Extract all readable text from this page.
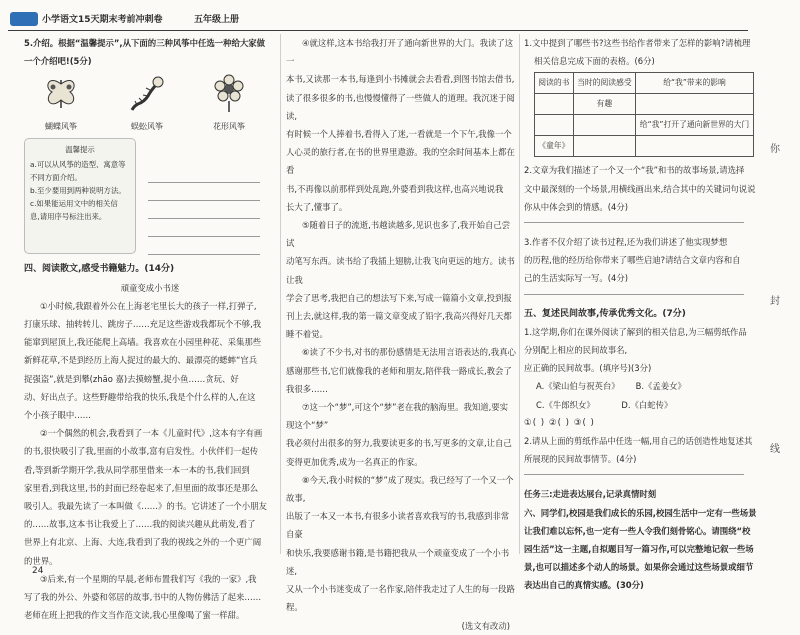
小学语文15天期末考前冲刺卷	五年级上册

5.介绍。根据“温馨提示”,从下面的三种风筝中任选一种给大家做

一个介绍吧!(5分)

蝴蝶风筝	蜈蚣风筝	花形风筝
温馨提示
a.可以从风筝的造型、寓意等
不同方面介绍。
b.至少要用到两种说明方法。
c.如果能运用文中的相关信
息,请用序号标注出来。

四、阅读散文,感受书籍魅力。(14分)

頑童变成小书迷

①小时候,我跟着外公在上海老宅里长大的孩子一样,打弹子,

打康乐球、抽转转儿、跳房子……充足这些游戏我都玩个不够,我

能窜到屋顶上,我还能爬上高墙。我喜欢在小园里种花、采集那些

新鲜花草,不是到经历上海人捉过的最大的、最漂亮的蟋蟀“官兵

捉强盗”,就是到攀(zhāo 嘉)去摸螃蟹,捉小鱼……贪玩、好

动、好出点子。这些野趣带给我的快乐,我是个什么样的人,在这

个小孩子眼中……

②一个偶然的机会,我看到了一本《儿童时代》,这本有字有画

的书,很快吸引了我,里面的小故事,富有启发性。小伙伴们一起传

看,等到新学期开学,我从同学那里借来一本一本的书,我们回到

家里看,到我这里,书的封面已经卷起来了,但里面的故事还是那么

吸引人。我最先读了一本叫做《……》的书。它讲述了一个小朋友

的……故事,这本书让我爱上了……我的阅读兴趣从此萌发,看了

世界上有北京、上海、大连,我看到了我的视线之外的一个更广阔

的世界。

③后来,有一个星期的早晨,老师布置我们写《我的一家》,我

写了我的外公、外婆和邻居的故事,书中的人物仿佛活了起来……

老师在班上把我的作文当作范文读,我心里像喝了蜜一样甜。

④就这样,这本书给我打开了通向新世界的大门。我读了这一

本书,又读那一本书,每逢到小书摊就会去看看,到图书馆去借书,

读了很多很多的书,也慢慢懂得了一些做人的道理。我沉迷于阅读,

有时候一个人捧着书,看得入了迷,一看就是一个下午,我像一个

人心灵的旅行者,在书的世界里遨游。我的空余时间基本上都在看

书,不再像以前那样到处乱跑,外婆看到我这样,也高兴地说我

长大了,懂事了。

⑤随着日子的流逝,书越读越多,见识也多了,我开始自己尝试

动笔写东西。读书给了我插上翅膀,让我飞向更远的地方。读书让我

学会了思考,我把自己的想法写下来,写成一篇篇小文章,投到报

刊上去,就这样,我的第一篇文章变成了铅字,我高兴得好几天都

睡不着觉。

⑥读了不少书,对书的那份感情是无法用言语表达的,我真心

感谢那些书,它们就像我的老师和朋友,陪伴我一路成长,教会了

我很多……

⑦这一个“梦”,可这个“梦”老在我的脑海里。我知道,要实现这个“梦”

我必须付出很多的努力,我要读更多的书,写更多的文章,让自己

变得更加优秀,成为一名真正的作家。

⑧今天,我小时候的“梦”成了现实。我已经写了一个又一个故事,

出版了一本又一本书,有很多小读者喜欢我写的书,我感到非常自豪

和快乐,我要感谢书籍,是书籍把我从一个顽童变成了一个小书迷,

又从一个小书迷变成了一名作家,陪伴我走过了人生的每一段路程。

(选文有改动)

1.文中提到了哪些书?这些书给作者带来了怎样的影响?请梳理

相关信息完成下面的表格。(6分)

阅读的书	当时的阅读感受	给“我”带来的影响
	有趣	
		给“我”打开了通向新世界的大门
《童年》		

2.文章为我们描述了一个又一个“我”和书的故事场景,请选择

文中最深刻的一个场景,用横线画出来,结合其中的关键词句说说

你从中体会到的情感。(4分)

3.作者不仅介绍了读书过程,还为我们讲述了他实现梦想

的历程,他的经历给你带来了哪些启迪?请结合文章内容和自

己的生活实际写一写。(4分)

五、复述民间故事,传承优秀文化。(7分)

1.这学期,你们在课外阅读了解到的相关信息,为三幅剪纸作品

分别配上相应的民间故事名,

应正确的民间故事。(填序号)(3分)

A.《梁山伯与祝英台》 B.《孟姜女》

C.《牛郎织女》	D.《白蛇传》

①( ) ②( ) ③( )

2.请从上面的剪纸作品中任选一幅,用自己的话创造性地复述其

所展现的民间故事情节。(4分)

任务三:走进表达展台,记录真情时刻

六、同学们,校园是我们成长的乐园,校园生活中一定有一些场景

让我们难以忘怀,也一定有一些人令我们刻骨铭心。请围绕“校

园生活”这一主题,自拟题目写一篇习作,可以完整地记叙一些场

景,也可以描述多个动人的场景。如果你会通过这些场景或细节

表达出自己的真情实感。(30分)

你
封
线
24
